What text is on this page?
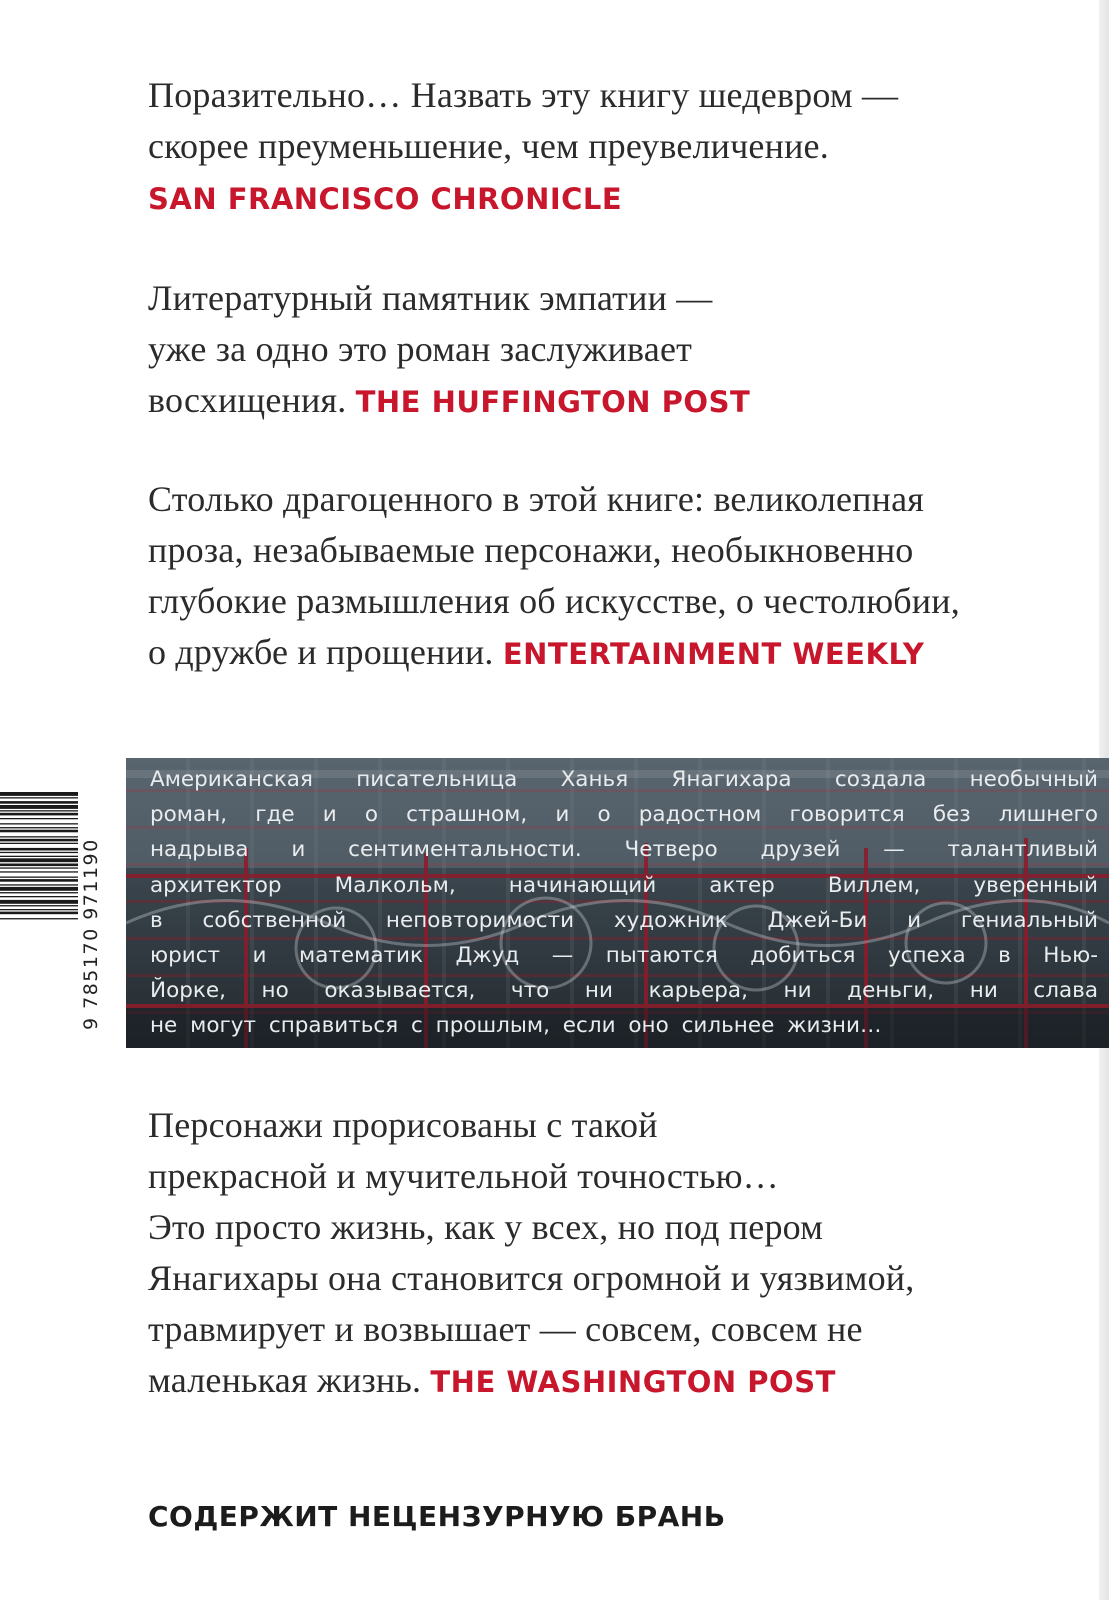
Поразительно… Назвать эту книгу шедевром —
скорее преуменьшение, чем преувеличение.
SAN FRANCISCO CHRONICLE
Литературный памятник эмпатии —
уже за одно это роман заслуживает
восхищения. THE HUFFINGTON POST
Столько драгоценного в этой книге: великолепная
проза, незабываемые персонажи, необыкновенно
глубокие размышления об искусстве, о честолюбии,
о дружбе и прощении. ENTERTAINMENT WEEKLY
9 785170 971190
Американская писательница Ханья Янагихара создала необычный
роман, где и о страшном, и о радостном говорится без лишнего
надрыва и сентиментальности. Четверо друзей — талантливый
архитектор Малкольм, начинающий актер Виллем, уверенный
в собственной неповторимости художник Джей-Би и гениальный
юрист и математик Джуд — пытаются добиться успеха в Нью-
Йорке, но оказывается, что ни карьера, ни деньги, ни слава
не могут справиться с прошлым, если оно сильнее жизни…
Персонажи прорисованы с такой
прекрасной и мучительной точностью…
Это просто жизнь, как у всех, но под пером
Янагихары она становится огромной и уязвимой,
травмирует и возвышает — совсем, совсем не
маленькая жизнь. THE WASHINGTON POST
СОДЕРЖИТ НЕЦЕНЗУРНУЮ БРАНЬ
